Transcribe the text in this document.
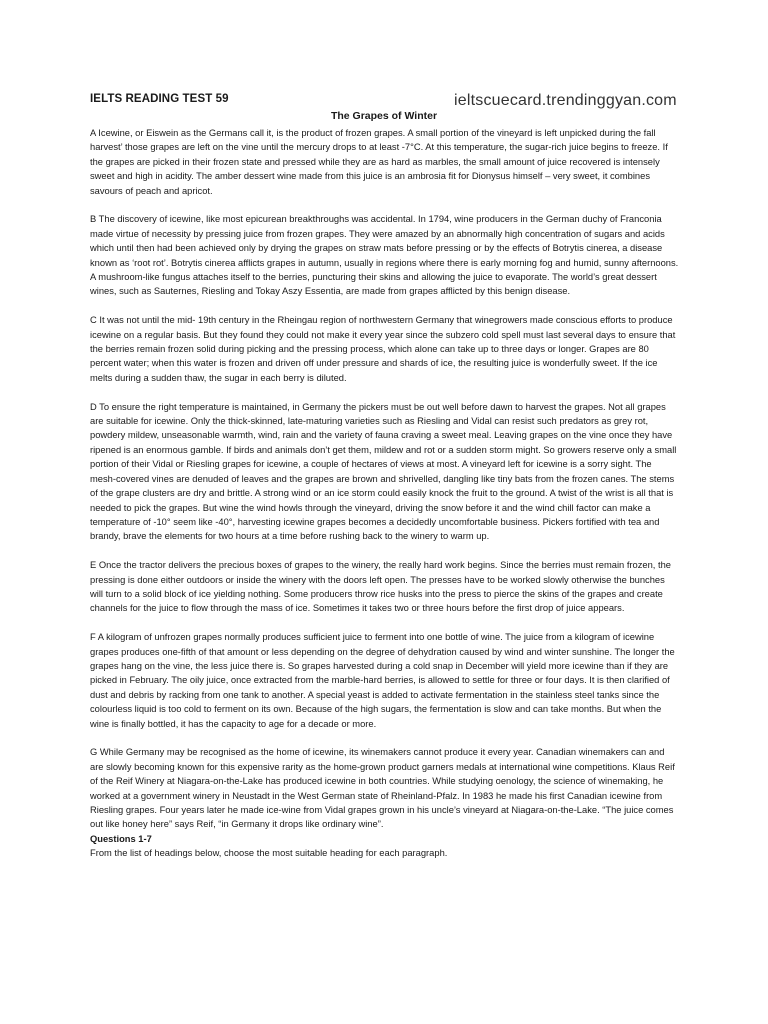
IELTS READING TEST 59	ieltscuecard.trendinggyan.com
The Grapes of Winter

A Icewine, or Eiswein as the Germans call it, is the product of frozen grapes. A small portion of the vineyard is left unpicked during the fall harvest’ those grapes are left on the vine until the mercury drops to at least -7°C. At this temperature, the sugar-rich juice begins to freeze. If the grapes are picked in their frozen state and pressed while they are as hard as marbles, the small amount of juice recovered is intensely sweet and high in acidity. The amber dessert wine made from this juice is an ambrosia fit for Dionysus himself – very sweet, it combines savours of peach and apricot.

B The discovery of icewine, like most epicurean breakthroughs was accidental. In 1794, wine producers in the German duchy of Franconia made virtue of necessity by pressing juice from frozen grapes. They were amazed by an abnormally high concentration of sugars and acids which until then had been achieved only by drying the grapes on straw mats before pressing or by the effects of Botrytis cinerea, a disease known as ‘root rot’. Botrytis cinerea afflicts grapes in autumn, usually in regions where there is early morning fog and humid, sunny afternoons. A mushroom-like fungus attaches itself to the berries, puncturing their skins and allowing the juice to evaporate. The world’s great dessert wines, such as Sauternes, Riesling and Tokay Aszy Essentia, are made from grapes afflicted by this benign disease.

C It was not until the mid- 19th century in the Rheingau region of northwestern Germany that winegrowers made conscious efforts to produce icewine on a regular basis. But they found they could not make it every year since the subzero cold spell must last several days to ensure that the berries remain frozen solid during picking and the pressing process, which alone can take up to three days or longer. Grapes are 80 percent water; when this water is frozen and driven off under pressure and shards of ice, the resulting juice is wonderfully sweet. If the ice melts during a sudden thaw, the sugar in each berry is diluted.

D To ensure the right temperature is maintained, in Germany the pickers must be out well before dawn to harvest the grapes. Not all grapes are suitable for icewine. Only the thick-skinned, late-maturing varieties such as Riesling and Vidal can resist such predators as grey rot, powdery mildew, unseasonable warmth, wind, rain and the variety of fauna craving a sweet meal. Leaving grapes on the vine once they have ripened is an enormous gamble. If birds and animals don’t get them, mildew and rot or a sudden storm might. So growers reserve only a small portion of their Vidal or Riesling grapes for icewine, a couple of hectares of views at most. A vineyard left for icewine is a sorry sight. The mesh-covered vines are denuded of leaves and the grapes are brown and shrivelled, dangling like tiny bats from the frozen canes. The stems of the grape clusters are dry and brittle. A strong wind or an ice storm could easily knock the fruit to the ground. A twist of the wrist is all that is needed to pick the grapes. But wine the wind howls through the vineyard, driving the snow before it and the wind chill factor can make a temperature of -10° seem like -40°, harvesting icewine grapes becomes a decidedly uncomfortable business. Pickers fortified with tea and brandy, brave the elements for two hours at a time before rushing back to the winery to warm up.

E Once the tractor delivers the precious boxes of grapes to the winery, the really hard work begins. Since the berries must remain frozen, the pressing is done either outdoors or inside the winery with the doors left open. The presses have to be worked slowly otherwise the bunches will turn to a solid block of ice yielding nothing. Some producers throw rice husks into the press to pierce the skins of the grapes and create channels for the juice to flow through the mass of ice. Sometimes it takes two or three hours before the first drop of juice appears.

F A kilogram of unfrozen grapes normally produces sufficient juice to ferment into one bottle of wine. The juice from a kilogram of icewine grapes produces one-fifth of that amount or less depending on the degree of dehydration caused by wind and winter sunshine. The longer the grapes hang on the vine, the less juice there is. So grapes harvested during a cold snap in December will yield more icewine than if they are picked in February. The oily juice, once extracted from the marble-hard berries, is allowed to settle for three or four days. It is then clarified of dust and debris by racking from one tank to another. A special yeast is added to activate fermentation in the stainless steel tanks since the colourless liquid is too cold to ferment on its own. Because of the high sugars, the fermentation is slow and can take months. But when the wine is finally bottled, it has the capacity to age for a decade or more.

G While Germany may be recognised as the home of icewine, its winemakers cannot produce it every year. Canadian winemakers can and are slowly becoming known for this expensive rarity as the home-grown product garners medals at international wine competitions. Klaus Reif of the Reif Winery at Niagara-on-the-Lake has produced icewine in both countries. While studying oenology, the science of winemaking, he worked at a government winery in Neustadt in the West German state of Rheinland-Pfalz. In 1983 he made his first Canadian icewine from Riesling grapes. Four years later he made ice-wine from Vidal grapes grown in his uncle’s vineyard at Niagara-on-the-Lake. “The juice comes out like honey here” says Reif, “in Germany it drops like ordinary wine”.

Questions 1-7

From the list of headings below, choose the most suitable heading for each paragraph.
